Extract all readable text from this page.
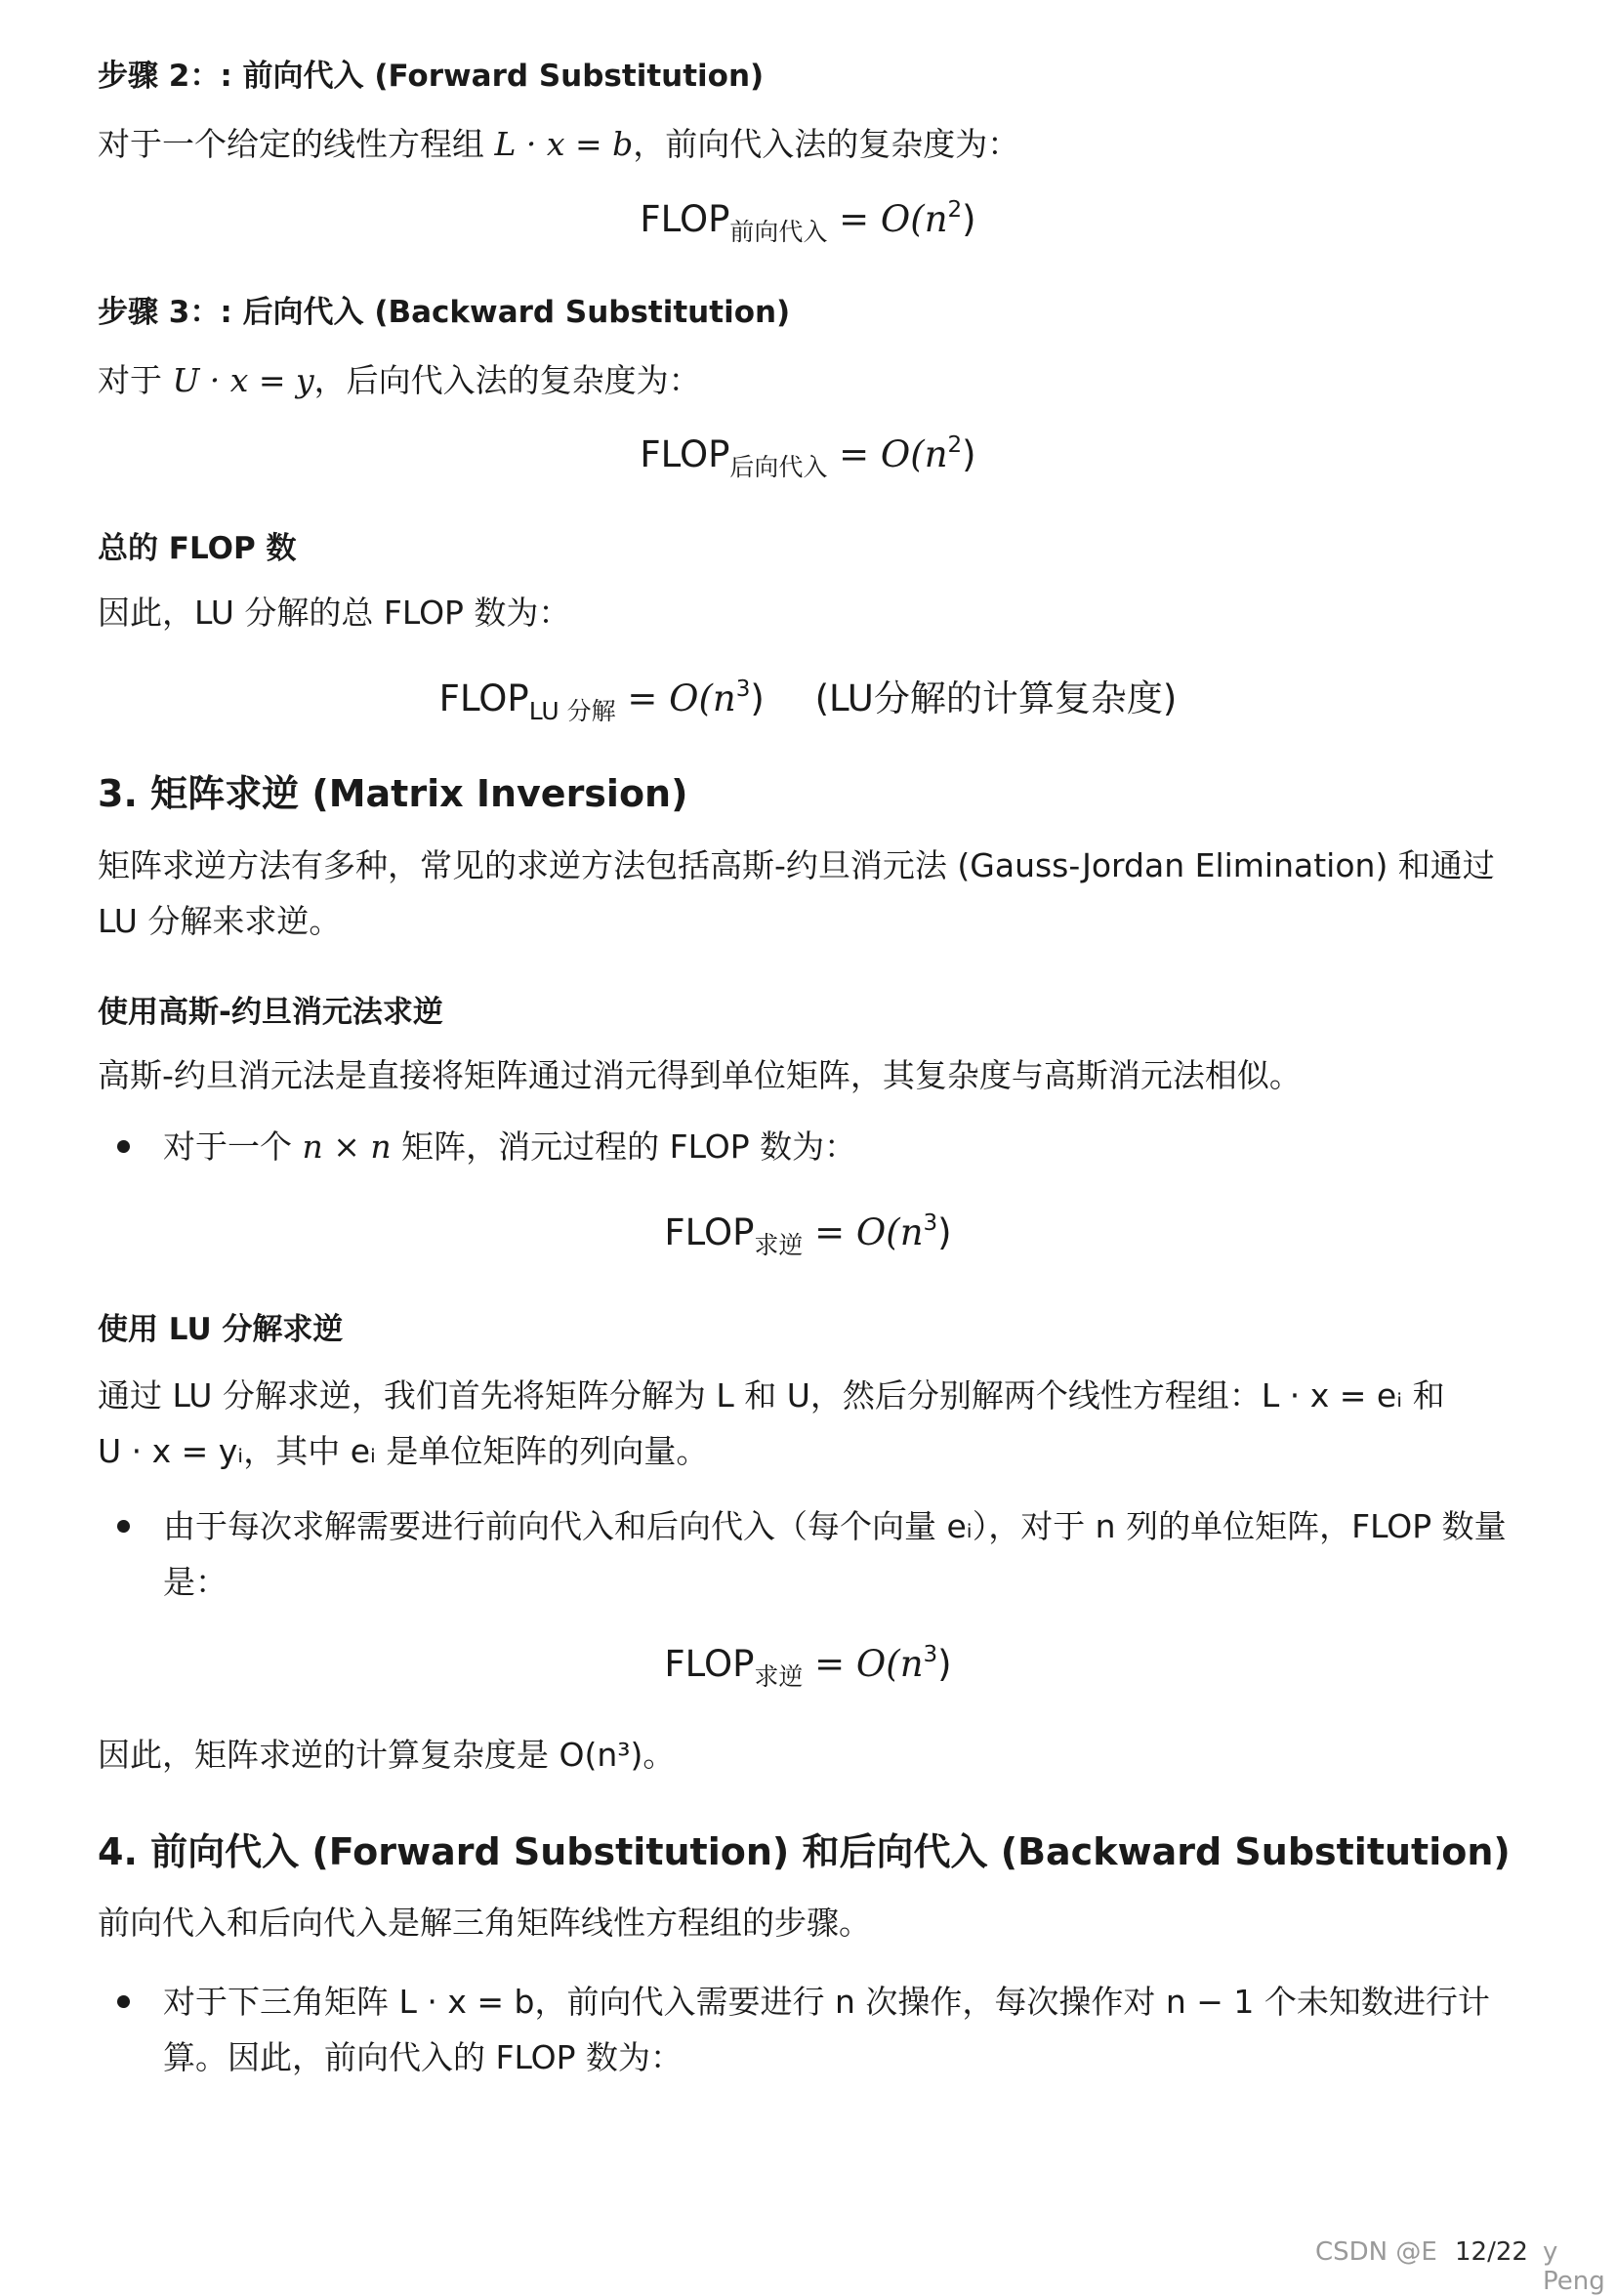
步骤 2：: 前向代入 (Forward Substitution)
对于一个给定的线性方程组 L · x = b，前向代入法的复杂度为：
$FLOP_{前向代入} = O(n^2)$
步骤 3：: 后向代入 (Backward Substitution)
对于 U · x = y，后向代入法的复杂度为：
$FLOP_{后向代入} = O(n^2)$
总的 FLOP 数
因此，LU 分解的总 FLOP 数为：
$FLOP_{LU 分解} = O(n^3)$ (LU分解的计算复杂度)
3. 矩阵求逆 (Matrix Inversion)
矩阵求逆方法有多种，常见的求逆方法包括高斯-约旦消元法 (Gauss-Jordan Elimination) 和通过
LU 分解来求逆。
使用高斯-约旦消元法求逆
高斯-约旦消元法是直接将矩阵通过消元得到单位矩阵，其复杂度与高斯消元法相似。
对于一个 n × n 矩阵，消元过程的 FLOP 数为：
$FLOP_{求逆} = O(n^3)$
使用 LU 分解求逆
通过 LU 分解求逆，我们首先将矩阵分解为 L 和 U，然后分别解两个线性方程组：L · x = eᵢ 和
U · x = yᵢ，其中 eᵢ 是单位矩阵的列向量。
由于每次求解需要进行前向代入和后向代入（每个向量 eᵢ），对于 n 列的单位矩阵，FLOP 数量
是：
$FLOP_{求逆} = O(n^3)$
因此，矩阵求逆的计算复杂度是 O(n³)。
4. 前向代入 (Forward Substitution) 和后向代入 (Backward Substitution)
前向代入和后向代入是解三角矩阵线性方程组的步骤。
对于下三角矩阵 L · x = b，前向代入需要进行 n 次操作，每次操作对 n − 1 个未知数进行计
算。因此，前向代入的 FLOP 数为：
CSDN @E 12/22 y Peng
